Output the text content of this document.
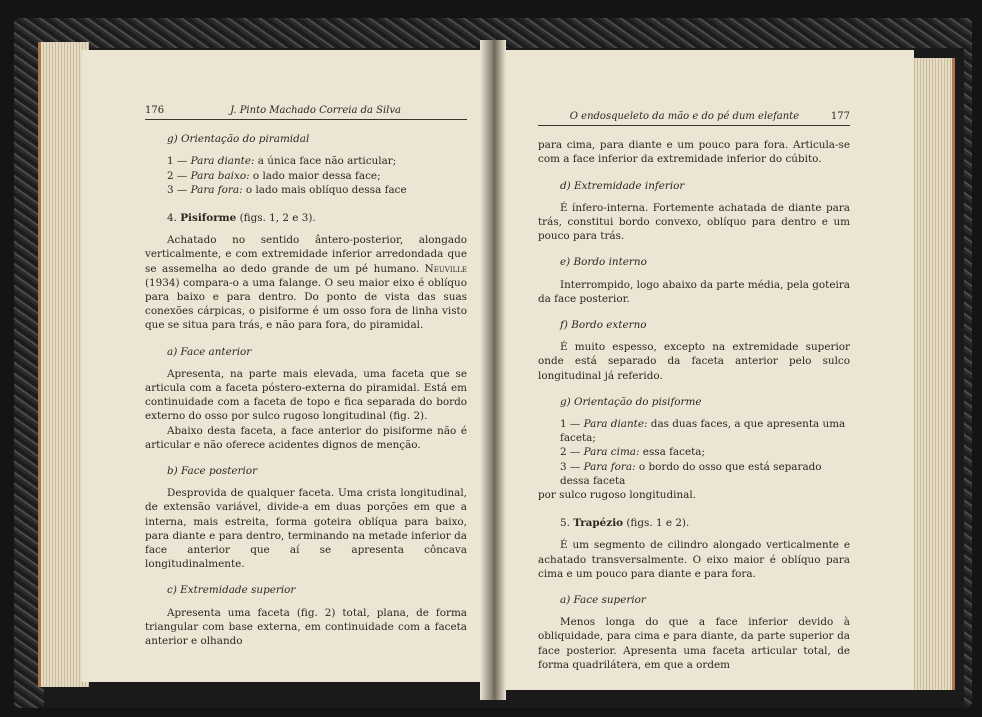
176	J. Pinto Machado Correia da Silva
g) Orientação do piramidal
1 — Para diante: a única face não articular;
2 — Para baixo: o lado maior dessa face;
3 — Para fora: o lado mais oblíquo dessa face
4. Pisiforme (figs. 1, 2 e 3).

Achatado no sentido ântero-posterior, alongado verticalmente, e com extremidade inferior arredondada que se assemelha ao dedo grande de um pé humano. Neuville (1934) compara-o a uma falange. O seu maior eixo é oblíquo para baixo e para dentro. Do ponto de vista das suas conexões cárpicas, o pisiforme é um osso fora de linha visto que se situa para trás, e não para fora, do piramidal.

a) Face anterior

Apresenta, na parte mais elevada, uma faceta que se articula com a faceta póstero-externa do piramidal. Está em continuidade com a faceta de topo e fica separada do bordo externo do osso por sulco rugoso longitudinal (fig. 2).

Abaixo desta faceta, a face anterior do pisiforme não é articular e não oferece acidentes dignos de menção.

b) Face posterior

Desprovida de qualquer faceta. Uma crista longitudinal, de extensão variável, divide-a em duas porções em que a interna, mais estreita, forma goteira oblíqua para baixo, para diante e para dentro, terminando na metade inferior da face anterior que aí se apresenta côncava longitudinalmente.

c) Extremidade superior

Apresenta uma faceta (fig. 2) total, plana, de forma triangular com base externa, em continuidade com a faceta anterior e olhando

O endosqueleto da mão e do pé dum elefante	177

para cima, para diante e um pouco para fora. Articula-se com a face inferior da extremidade inferior do cúbito.

d) Extremidade inferior

É ínfero-interna. Fortemente achatada de diante para trás, constitui bordo convexo, oblíquo para dentro e um pouco para trás.

e) Bordo interno

Interrompido, logo abaixo da parte média, pela goteira da face posterior.

f) Bordo externo

É muito espesso, excepto na extremidade superior onde está separado da faceta anterior pelo sulco longitudinal já referido.

g) Orientação do pisiforme
1 — Para diante: das duas faces, a que apresenta uma faceta;
2 — Para cima: essa faceta;
3 — Para fora: o bordo do osso que está separado dessa faceta

por sulco rugoso longitudinal.

5. Trapézio (figs. 1 e 2).

É um segmento de cilindro alongado verticalmente e achatado transversalmente. O eixo maior é oblíquo para cima e um pouco para diante e para fora.

a) Face superior

Menos longa do que a face inferior devido à obliquidade, para cima e para diante, da parte superior da face posterior. Apresenta uma faceta articular total, de forma quadrilátera, em que a ordem
